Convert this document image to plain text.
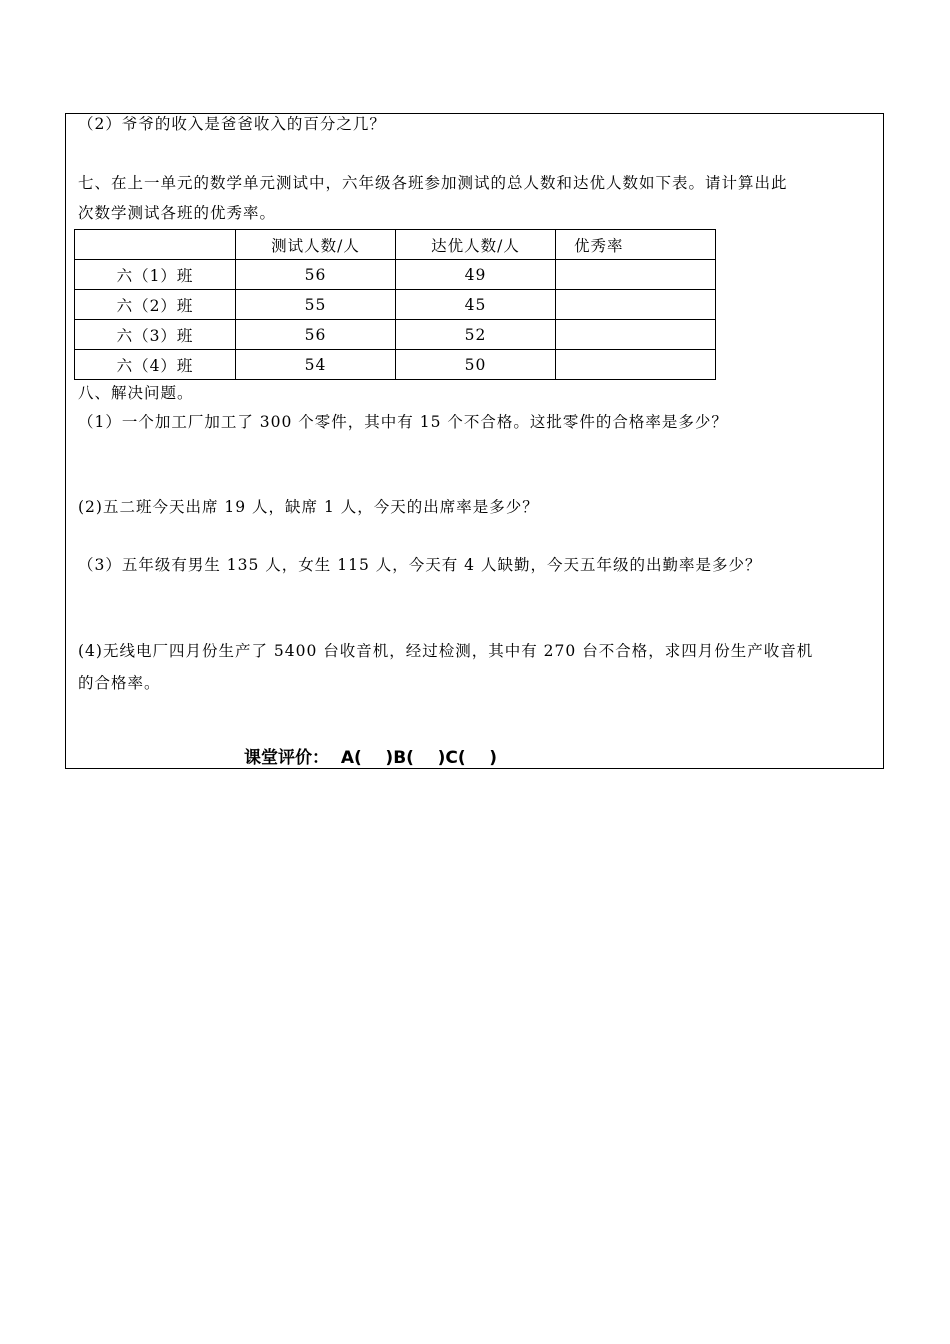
（2）爷爷的收入是爸爸收入的百分之几？
七、在上一单元的数学单元测试中，六年级各班参加测试的总人数和达优人数如下表。请计算出此
次数学测试各班的优秀率。
	测试人数/人	达优人数/人	优秀率
六（1）班	56	49	
六（2）班	55	45	
六（3）班	56	52	
六（4）班	54	50	
八、解决问题。
（1）一个加工厂加工了 300 个零件，其中有 15 个不合格。这批零件的合格率是多少？
(2)五二班今天出席 19 人，缺席 1 人，今天的出席率是多少？
（3）五年级有男生 135 人，女生 115 人，今天有 4 人缺勤，今天五年级的出勤率是多少？
(4)无线电厂四月份生产了 5400 台收音机，经过检测，其中有 270 台不合格，求四月份生产收音机
的合格率。
课堂评价：  A(    )B(    )C(    )
